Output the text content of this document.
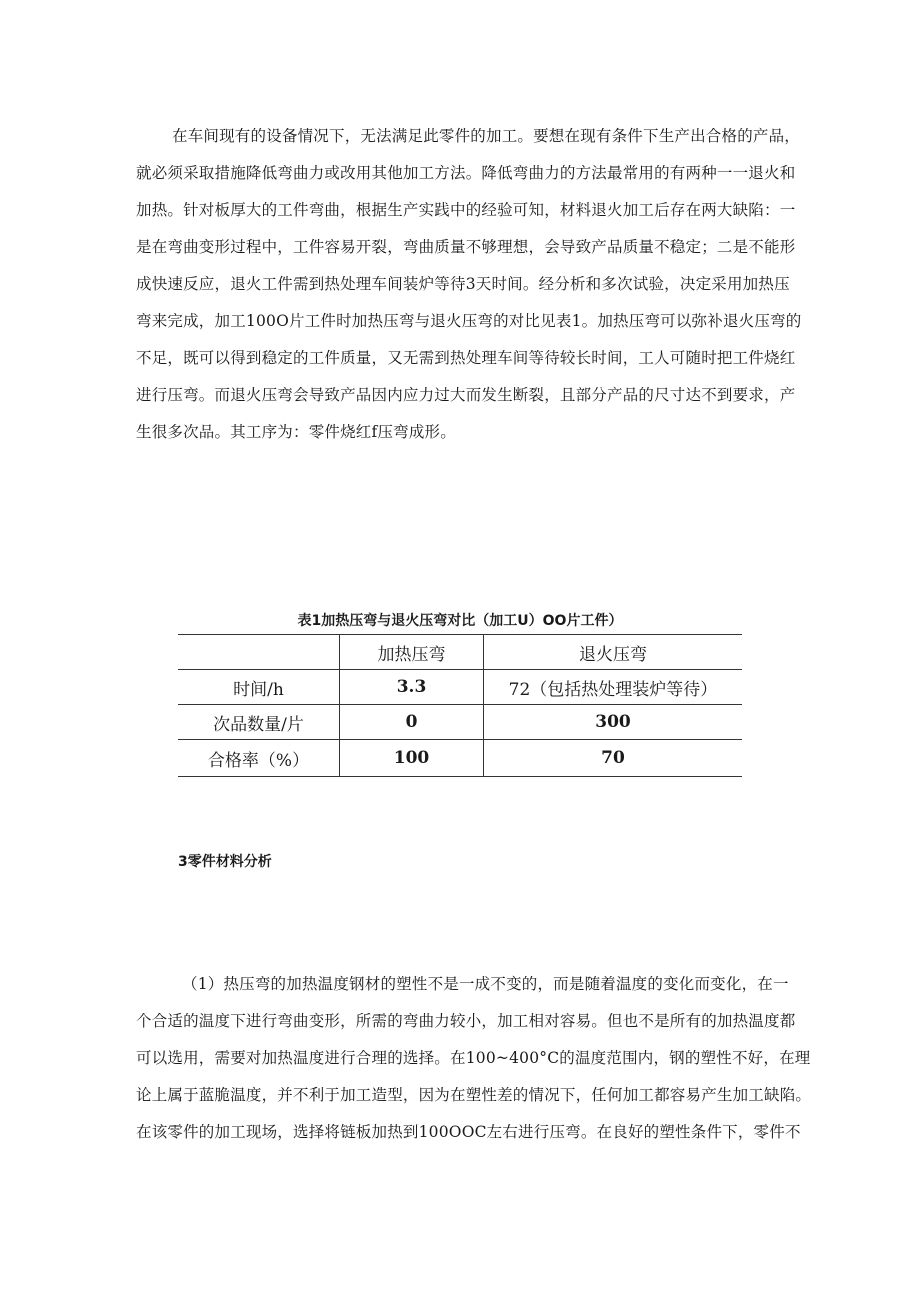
在车间现有的设备情况下，无法满足此零件的加工。要想在现有条件下生产出合格的产品，
就必须采取措施降低弯曲力或改用其他加工方法。降低弯曲力的方法最常用的有两种一一退火和
加热。针对板厚大的工件弯曲，根据生产实践中的经验可知，材料退火加工后存在两大缺陷：一
是在弯曲变形过程中，工件容易开裂，弯曲质量不够理想，会导致产品质量不稳定；二是不能形
成快速反应，退火工件需到热处理车间装炉等待3天时间。经分析和多次试验，决定采用加热压
弯来完成，加工100O片工件时加热压弯与退火压弯的对比见表1。加热压弯可以弥补退火压弯的
不足，既可以得到稳定的工件质量，又无需到热处理车间等待较长时间，工人可随时把工件烧红
进行压弯。而退火压弯会导致产品因内应力过大而发生断裂，且部分产品的尺寸达不到要求，产
生很多次品。其工序为：零件烧红f压弯成形。

表1加热压弯与退火压弯对比（加工U）OO片工件）

	加热压弯	退火压弯
时间/h	3.3	72（包括热处理装炉等待）
次品数量/片	0	300
合格率（%）	100	70

3零件材料分析

（1）热压弯的加热温度钢材的塑性不是一成不变的，而是随着温度的变化而变化，在一
个合适的温度下进行弯曲变形，所需的弯曲力较小，加工相对容易。但也不是所有的加热温度都
可以选用，需要对加热温度进行合理的选择。在100~400°C的温度范围内，钢的塑性不好，在理
论上属于蓝脆温度，并不利于加工造型，因为在塑性差的情况下，任何加工都容易产生加工缺陷。
在该零件的加工现场，选择将链板加热到100OOC左右进行压弯。在良好的塑性条件下，零件不
